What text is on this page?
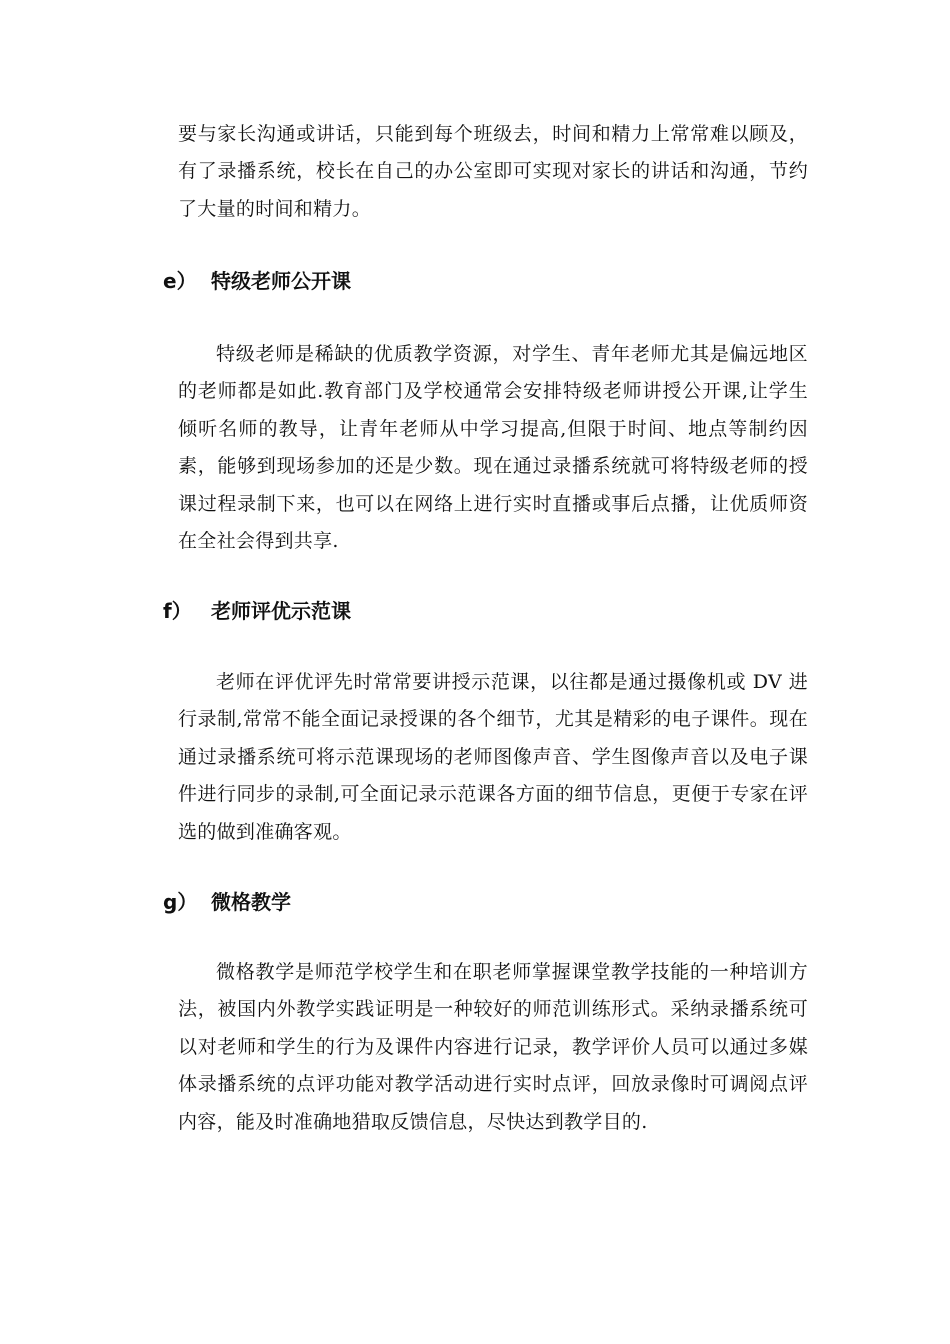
要与家长沟通或讲话，只能到每个班级去，时间和精力上常常难以顾及，有了录播系统，校长在自己的办公室即可实现对家长的讲话和沟通，节约了大量的时间和精力。

e） 特级老师公开课

特级老师是稀缺的优质教学资源，对学生、青年老师尤其是偏远地区的老师都是如此.教育部门及学校通常会安排特级老师讲授公开课,让学生倾听名师的教导，让青年老师从中学习提高,但限于时间、地点等制约因素，能够到现场参加的还是少数。现在通过录播系统就可将特级老师的授课过程录制下来，也可以在网络上进行实时直播或事后点播，让优质师资在全社会得到共享.

f） 老师评优示范课

老师在评优评先时常常要讲授示范课，以往都是通过摄像机或 DV 进行录制,常常不能全面记录授课的各个细节，尤其是精彩的电子课件。现在通过录播系统可将示范课现场的老师图像声音、学生图像声音以及电子课件进行同步的录制,可全面记录示范课各方面的细节信息，更便于专家在评选的做到准确客观。

g） 微格教学

微格教学是师范学校学生和在职老师掌握课堂教学技能的一种培训方法，被国内外教学实践证明是一种较好的师范训练形式。采纳录播系统可以对老师和学生的行为及课件内容进行记录，教学评价人员可以通过多媒体录播系统的点评功能对教学活动进行实时点评，回放录像时可调阅点评内容，能及时准确地猎取反馈信息，尽快达到教学目的.
